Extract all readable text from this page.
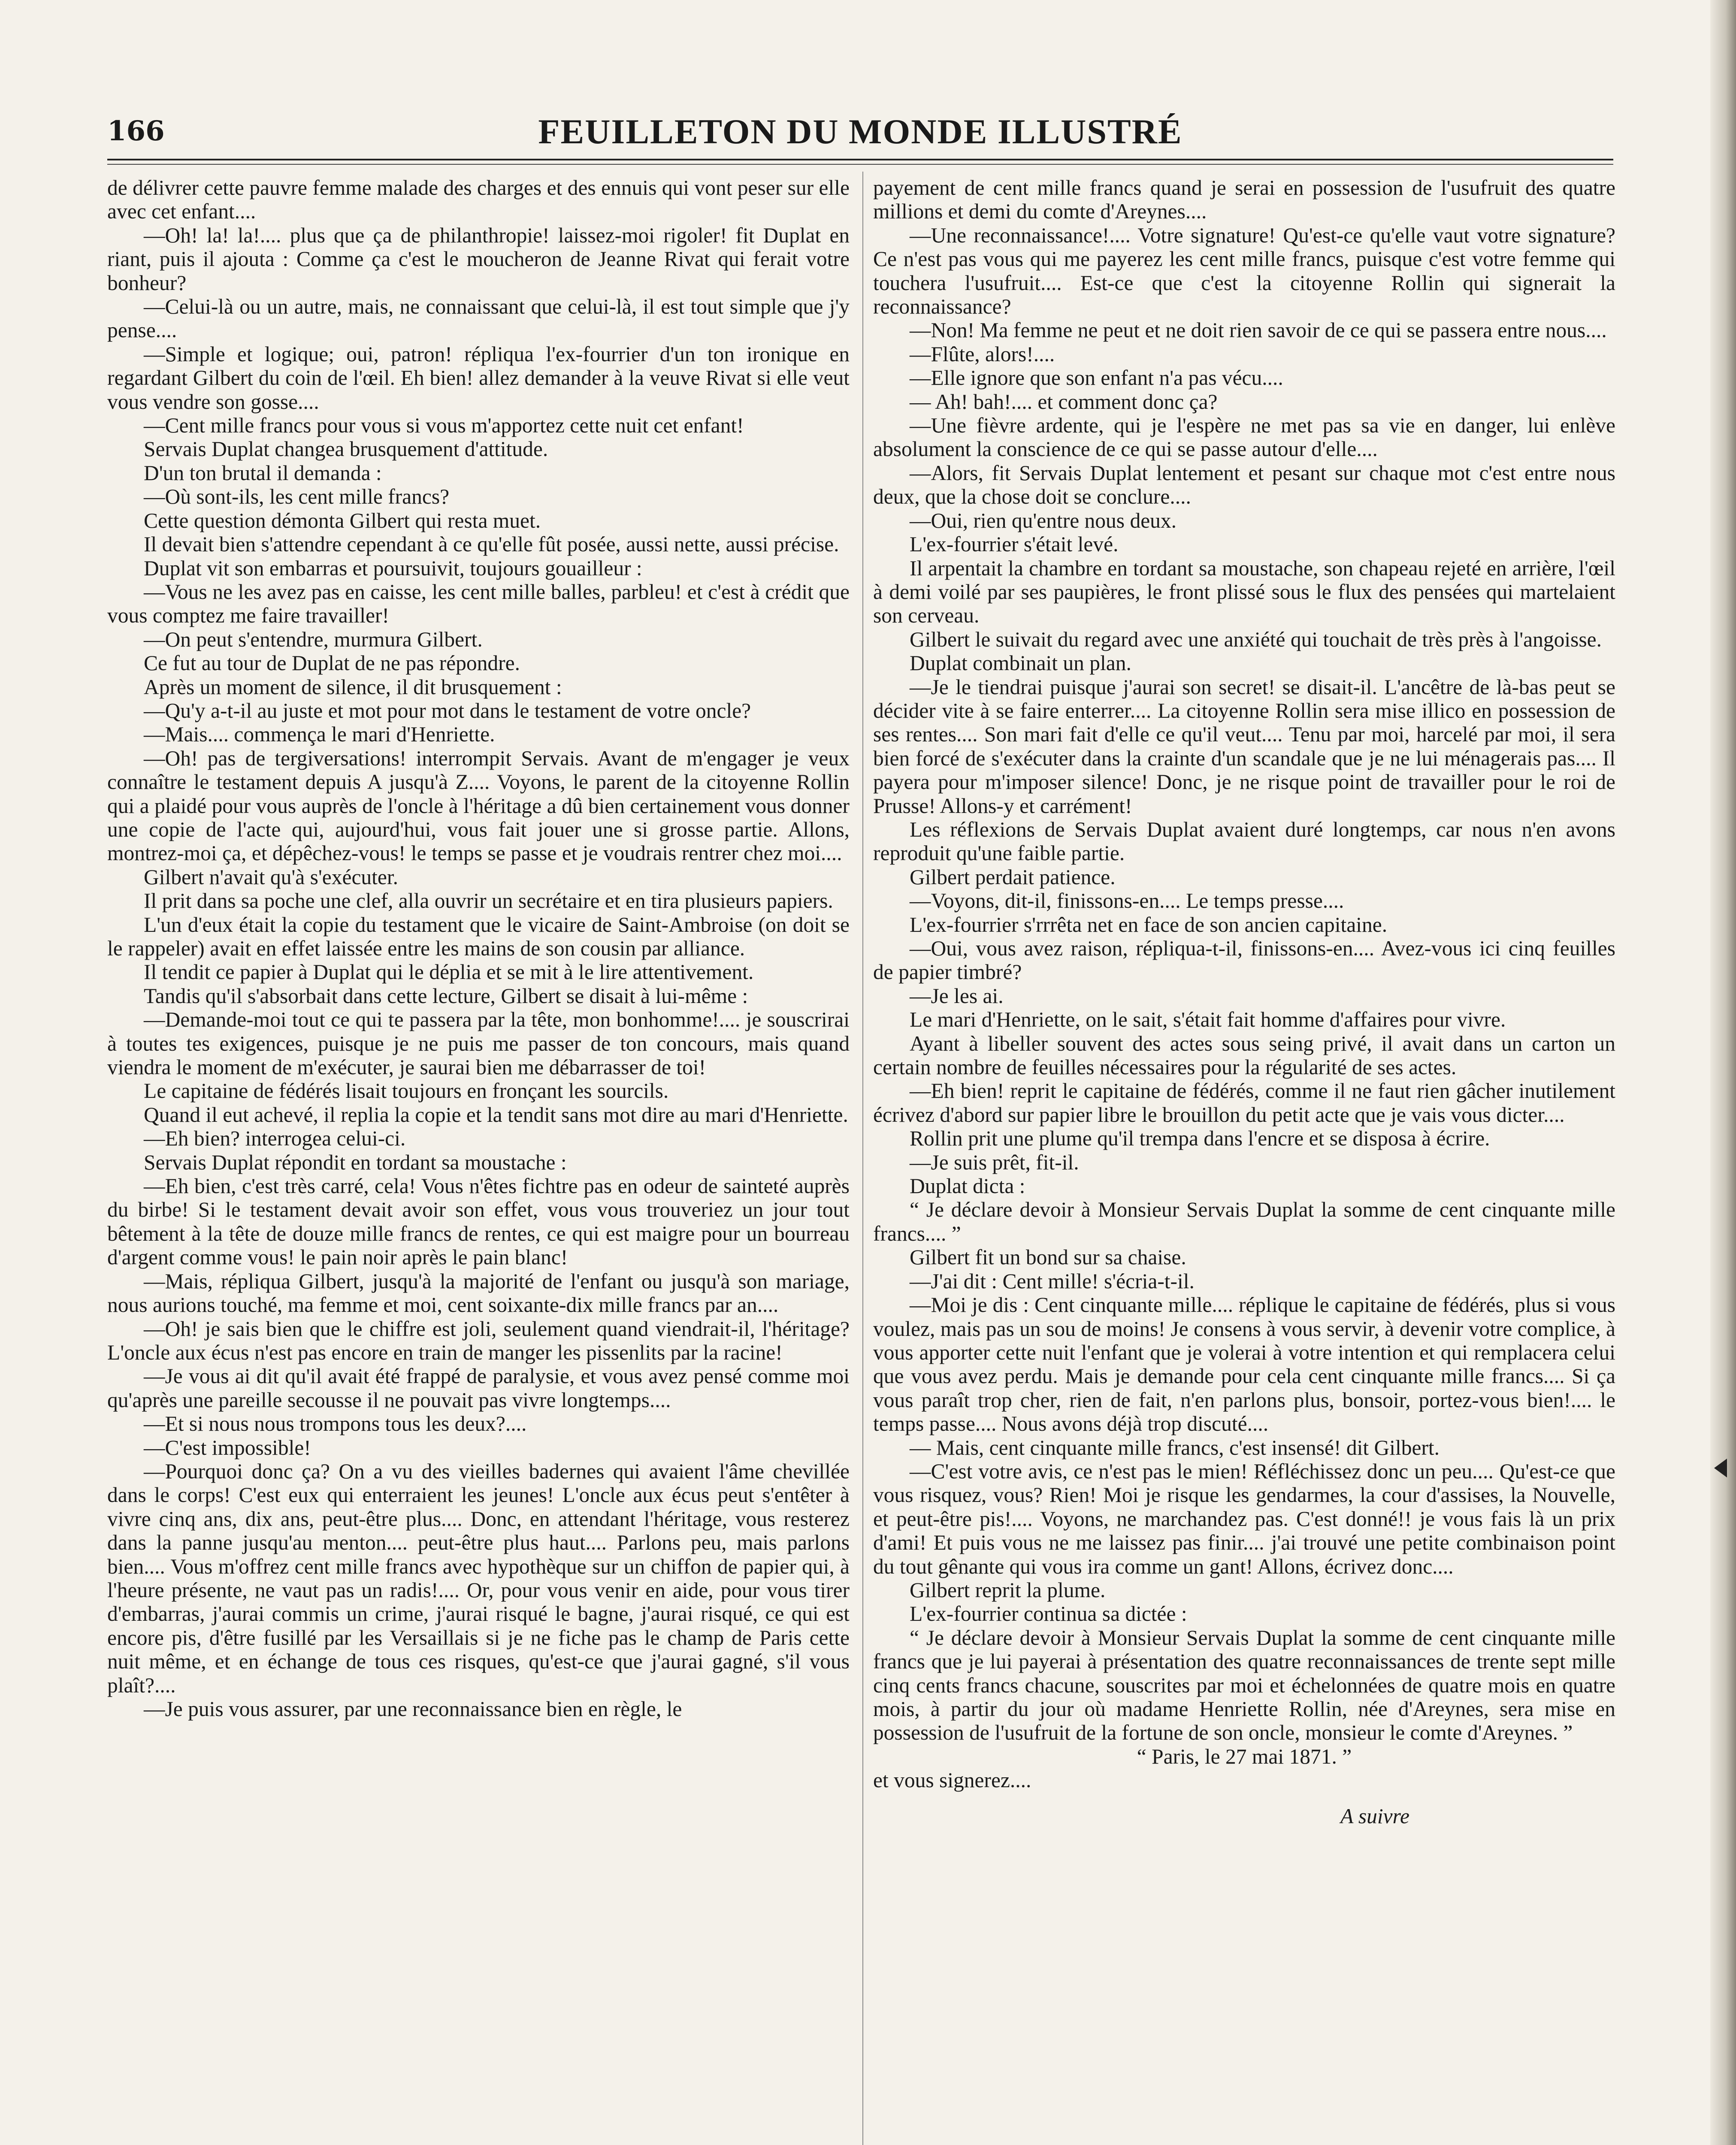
166	FEUILLETON DU MONDE ILLUSTRÉ

de délivrer cette pauvre femme malade des charges et des ennuis qui vont peser sur elle avec cet enfant....

—Oh! la! la!.... plus que ça de philanthropie! laissez-moi rigoler! fit Duplat en riant, puis il ajouta : Comme ça c'est le moucheron de Jeanne Rivat qui ferait votre bonheur?

—Celui-là ou un autre, mais, ne connaissant que celui-là, il est tout simple que j'y pense....

—Simple et logique; oui, patron! répliqua l'ex-fourrier d'un ton ironique en regardant Gilbert du coin de l'œil. Eh bien! allez demander à la veuve Rivat si elle veut vous vendre son gosse....

—Cent mille francs pour vous si vous m'apportez cette nuit cet enfant!

Servais Duplat changea brusquement d'attitude.

D'un ton brutal il demanda :

—Où sont-ils, les cent mille francs?

Cette question démonta Gilbert qui resta muet.

Il devait bien s'attendre cependant à ce qu'elle fût posée, aussi nette, aussi précise.

Duplat vit son embarras et poursuivit, toujours gouailleur :

—Vous ne les avez pas en caisse, les cent mille balles, parbleu! et c'est à crédit que vous comptez me faire travailler!

—On peut s'entendre, murmura Gilbert.

Ce fut au tour de Duplat de ne pas répondre.

Après un moment de silence, il dit brusquement :

—Qu'y a-t-il au juste et mot pour mot dans le testament de votre oncle?

—Mais.... commença le mari d'Henriette.

—Oh! pas de tergiversations! interrompit Servais. Avant de m'engager je veux connaître le testament depuis A jusqu'à Z.... Voyons, le parent de la citoyenne Rollin qui a plaidé pour vous auprès de l'oncle à l'héritage a dû bien certainement vous donner une copie de l'acte qui, aujourd'hui, vous fait jouer une si grosse partie. Allons, montrez-moi ça, et dépêchez-vous! le temps se passe et je voudrais rentrer chez moi....

Gilbert n'avait qu'à s'exécuter.

Il prit dans sa poche une clef, alla ouvrir un secrétaire et en tira plusieurs papiers.

L'un d'eux était la copie du testament que le vicaire de Saint-Ambroise (on doit se le rappeler) avait en effet laissée entre les mains de son cousin par alliance.

Il tendit ce papier à Duplat qui le déplia et se mit à le lire attentivement.

Tandis qu'il s'absorbait dans cette lecture, Gilbert se disait à lui-même :

—Demande-moi tout ce qui te passera par la tête, mon bonhomme!.... je souscrirai à toutes tes exigences, puisque je ne puis me passer de ton concours, mais quand viendra le moment de m'exécuter, je saurai bien me débarrasser de toi!

Le capitaine de fédérés lisait toujours en fronçant les sourcils.

Quand il eut achevé, il replia la copie et la tendit sans mot dire au mari d'Henriette.

—Eh bien? interrogea celui-ci.

Servais Duplat répondit en tordant sa moustache :

—Eh bien, c'est très carré, cela! Vous n'êtes fichtre pas en odeur de sainteté auprès du birbe! Si le testament devait avoir son effet, vous vous trouveriez un jour tout bêtement à la tête de douze mille francs de rentes, ce qui est maigre pour un bourreau d'argent comme vous! le pain noir après le pain blanc!

—Mais, répliqua Gilbert, jusqu'à la majorité de l'enfant ou jusqu'à son mariage, nous aurions touché, ma femme et moi, cent soixante-dix mille francs par an....

—Oh! je sais bien que le chiffre est joli, seulement quand viendrait-il, l'héritage? L'oncle aux écus n'est pas encore en train de manger les pissenlits par la racine!

—Je vous ai dit qu'il avait été frappé de paralysie, et vous avez pensé comme moi qu'après une pareille secousse il ne pouvait pas vivre longtemps....

—Et si nous nous trompons tous les deux?....

—C'est impossible!

—Pourquoi donc ça? On a vu des vieilles badernes qui avaient l'âme chevillée dans le corps! C'est eux qui enterraient les jeunes! L'oncle aux écus peut s'entêter à vivre cinq ans, dix ans, peut-être plus.... Donc, en attendant l'héritage, vous resterez dans la panne jusqu'au menton.... peut-être plus haut.... Parlons peu, mais parlons bien.... Vous m'offrez cent mille francs avec hypothèque sur un chiffon de papier qui, à l'heure présente, ne vaut pas un radis!.... Or, pour vous venir en aide, pour vous tirer d'embarras, j'aurai commis un crime, j'aurai risqué le bagne, j'aurai risqué, ce qui est encore pis, d'être fusillé par les Versaillais si je ne fiche pas le champ de Paris cette nuit même, et en échange de tous ces risques, qu'est-ce que j'aurai gagné, s'il vous plaît?....

—Je puis vous assurer, par une reconnaissance bien en règle, le

payement de cent mille francs quand je serai en possession de l'usufruit des quatre millions et demi du comte d'Areynes....

—Une reconnaissance!.... Votre signature! Qu'est-ce qu'elle vaut votre signature? Ce n'est pas vous qui me payerez les cent mille francs, puisque c'est votre femme qui touchera l'usufruit.... Est-ce que c'est la citoyenne Rollin qui signerait la reconnaissance?

—Non! Ma femme ne peut et ne doit rien savoir de ce qui se passera entre nous....

—Flûte, alors!....

—Elle ignore que son enfant n'a pas vécu....

— Ah! bah!.... et comment donc ça?

—Une fièvre ardente, qui je l'espère ne met pas sa vie en danger, lui enlève absolument la conscience de ce qui se passe autour d'elle....

—Alors, fit Servais Duplat lentement et pesant sur chaque mot c'est entre nous deux, que la chose doit se conclure....

—Oui, rien qu'entre nous deux.

L'ex-fourrier s'était levé.

Il arpentait la chambre en tordant sa moustache, son chapeau rejeté en arrière, l'œil à demi voilé par ses paupières, le front plissé sous le flux des pensées qui martelaient son cerveau.

Gilbert le suivait du regard avec une anxiété qui touchait de très près à l'angoisse.

Duplat combinait un plan.

—Je le tiendrai puisque j'aurai son secret! se disait-il. L'ancêtre de là-bas peut se décider vite à se faire enterrer.... La citoyenne Rollin sera mise illico en possession de ses rentes.... Son mari fait d'elle ce qu'il veut.... Tenu par moi, harcelé par moi, il sera bien forcé de s'exécuter dans la crainte d'un scandale que je ne lui ménagerais pas.... Il payera pour m'imposer silence! Donc, je ne risque point de travailler pour le roi de Prusse! Allons-y et carrément!

Les réflexions de Servais Duplat avaient duré longtemps, car nous n'en avons reproduit qu'une faible partie.

Gilbert perdait patience.

—Voyons, dit-il, finissons-en.... Le temps presse....

L'ex-fourrier s'rrrêta net en face de son ancien capitaine.

—Oui, vous avez raison, répliqua-t-il, finissons-en.... Avez-vous ici cinq feuilles de papier timbré?

—Je les ai.

Le mari d'Henriette, on le sait, s'était fait homme d'affaires pour vivre.

Ayant à libeller souvent des actes sous seing privé, il avait dans un carton un certain nombre de feuilles nécessaires pour la régularité de ses actes.

—Eh bien! reprit le capitaine de fédérés, comme il ne faut rien gâcher inutilement écrivez d'abord sur papier libre le brouillon du petit acte que je vais vous dicter....

Rollin prit une plume qu'il trempa dans l'encre et se disposa à écrire.

—Je suis prêt, fit-il.

Duplat dicta :

“ Je déclare devoir à Monsieur Servais Duplat la somme de cent cinquante mille francs.... ”

Gilbert fit un bond sur sa chaise.

—J'ai dit : Cent mille! s'écria-t-il.

—Moi je dis : Cent cinquante mille.... réplique le capitaine de fédérés, plus si vous voulez, mais pas un sou de moins! Je consens à vous servir, à devenir votre complice, à vous apporter cette nuit l'enfant que je volerai à votre intention et qui remplacera celui que vous avez perdu. Mais je demande pour cela cent cinquante mille francs.... Si ça vous paraît trop cher, rien de fait, n'en parlons plus, bonsoir, portez-vous bien!.... le temps passe.... Nous avons déjà trop discuté....

— Mais, cent cinquante mille francs, c'est insensé! dit Gilbert.

—C'est votre avis, ce n'est pas le mien! Réfléchissez donc un peu.... Qu'est-ce que vous risquez, vous? Rien! Moi je risque les gendarmes, la cour d'assises, la Nouvelle, et peut-être pis!.... Voyons, ne marchandez pas. C'est donné!! je vous fais là un prix d'ami! Et puis vous ne me laissez pas finir.... j'ai trouvé une petite combinaison point du tout gênante qui vous ira comme un gant! Allons, écrivez donc....

Gilbert reprit la plume.

L'ex-fourrier continua sa dictée :

“ Je déclare devoir à Monsieur Servais Duplat la somme de cent cinquante mille francs que je lui payerai à présentation des quatre reconnaissances de trente sept mille cinq cents francs chacune, souscrites par moi et échelonnées de quatre mois en quatre mois, à partir du jour où madame Henriette Rollin, née d'Areynes, sera mise en possession de l'usufruit de la fortune de son oncle, monsieur le comte d'Areynes. ”

“ Paris, le 27 mai 1871. ”

et vous signerez....

A suivre
